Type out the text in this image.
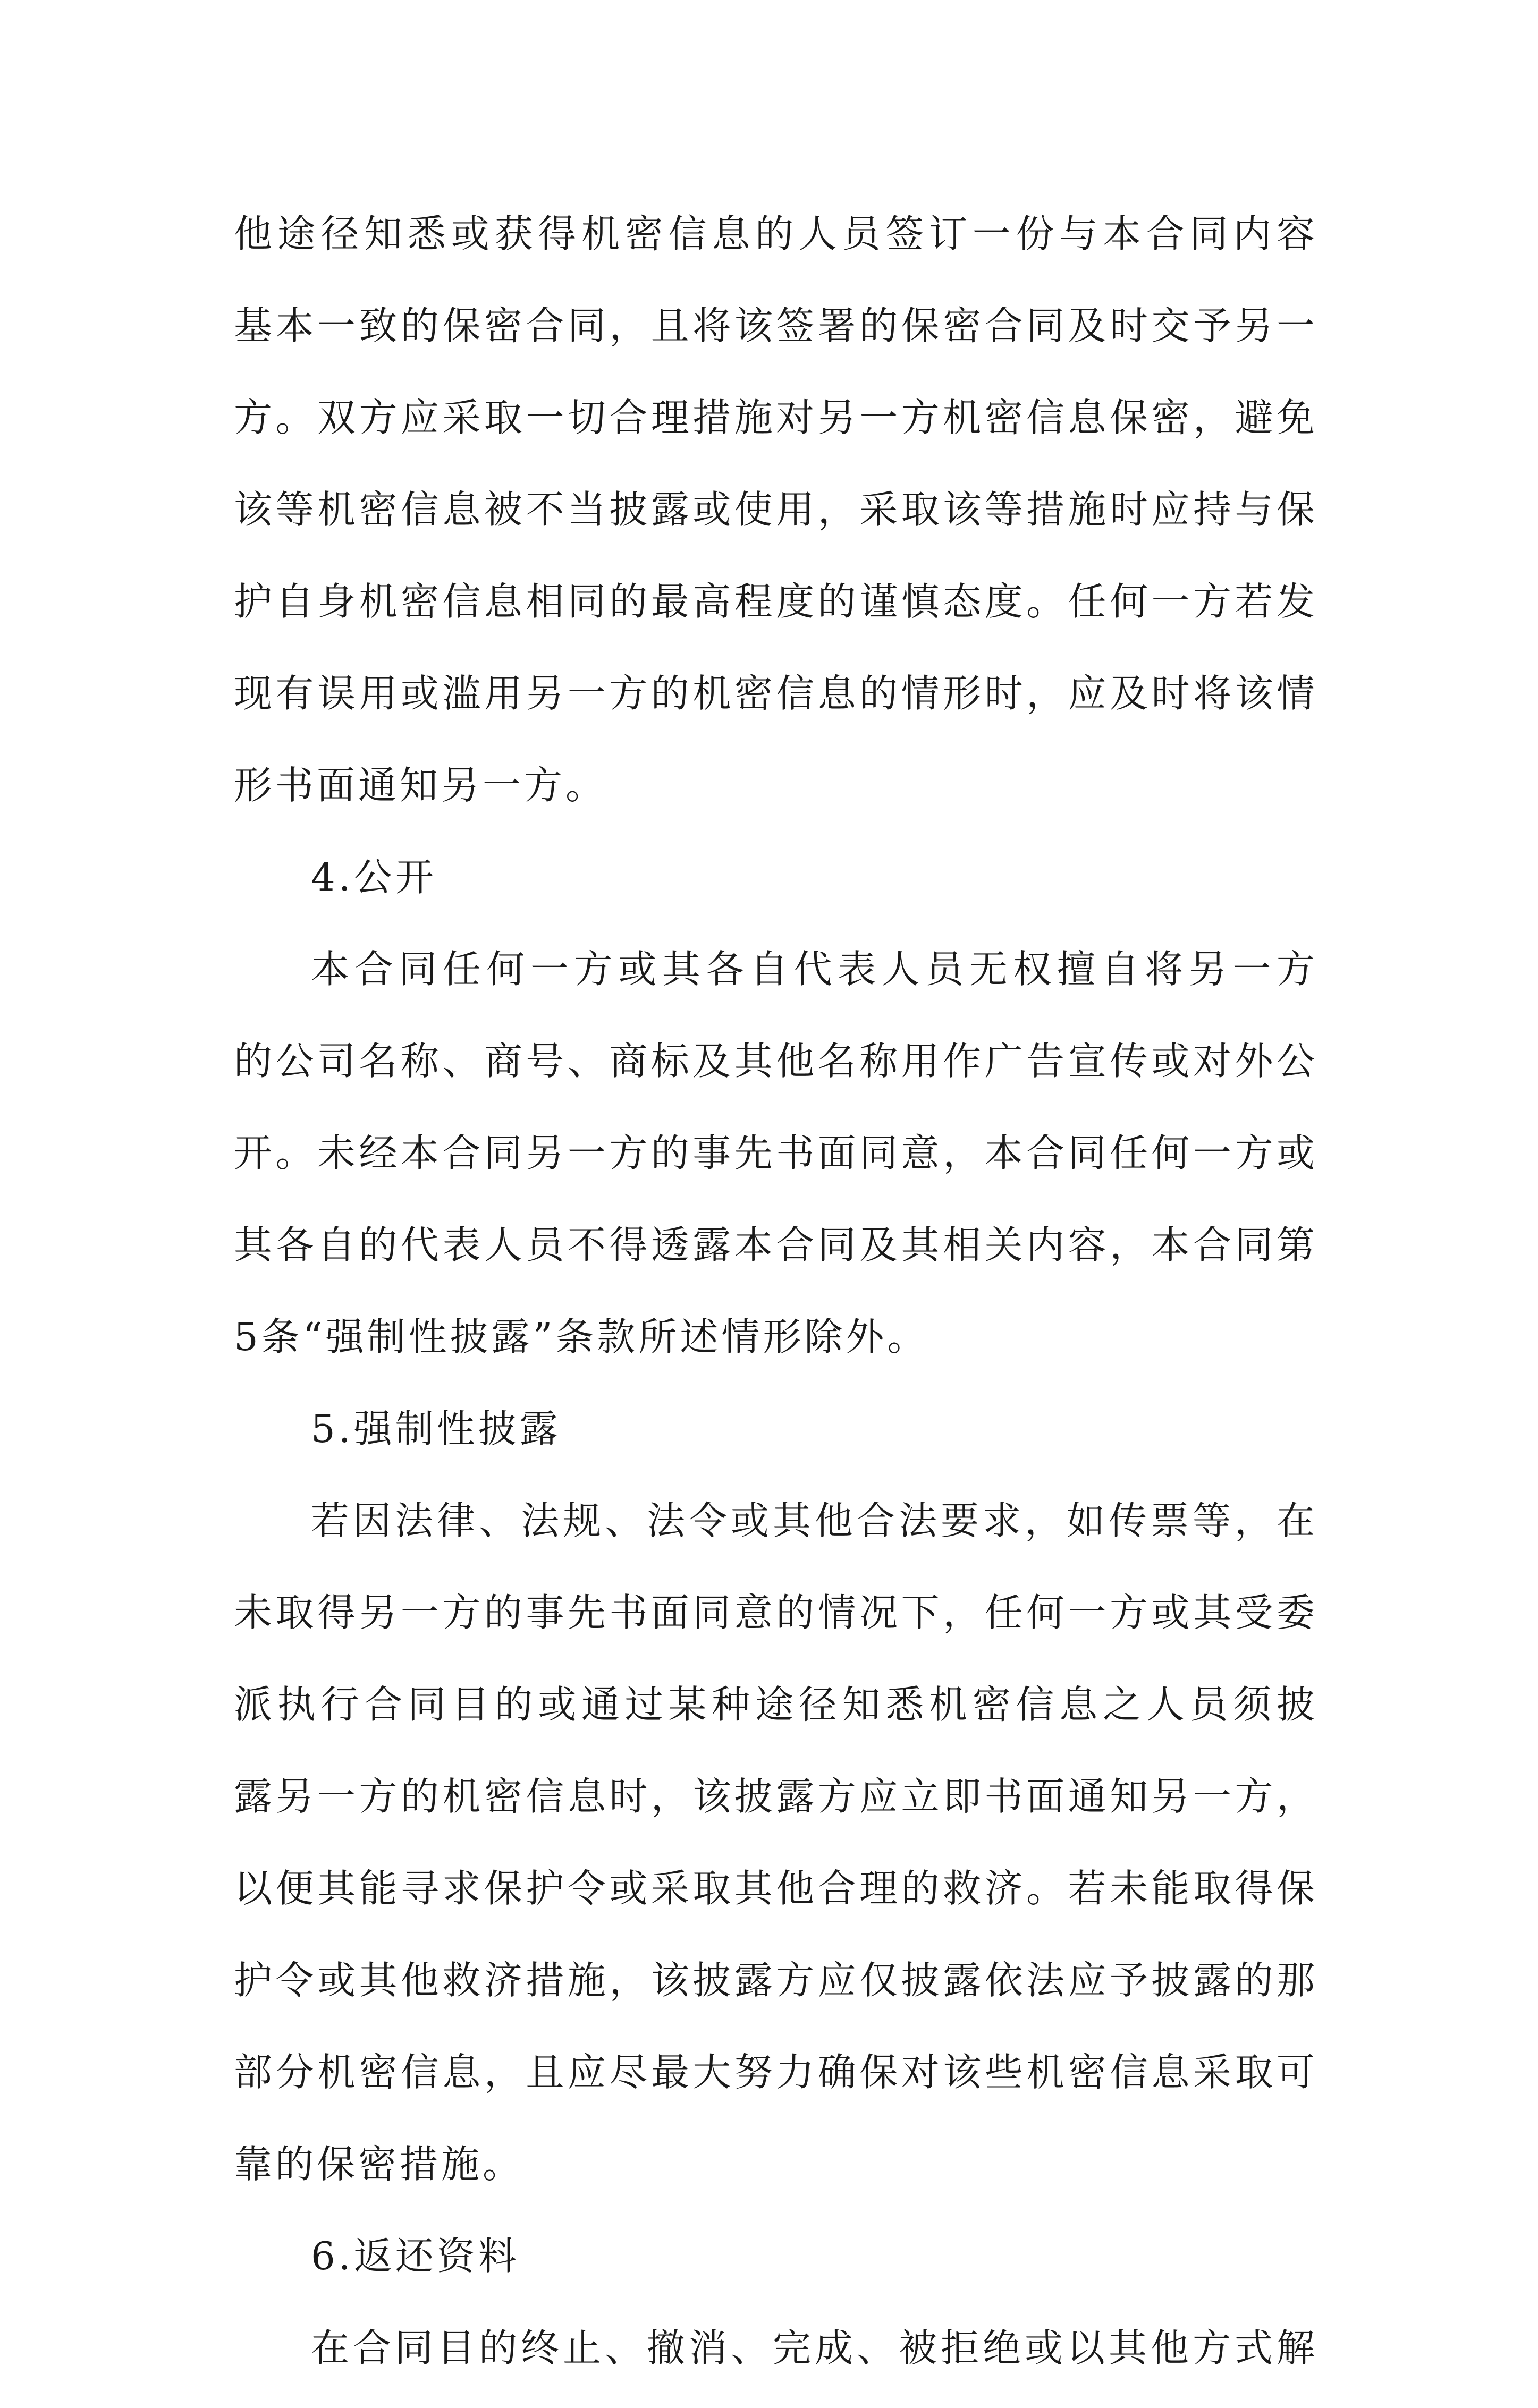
他途径知悉或获得机密信息的人员签订一份与本合同内容
基本一致的保密合同，且将该签署的保密合同及时交予另一
方。双方应采取一切合理措施对另一方机密信息保密，避免
该等机密信息被不当披露或使用，采取该等措施时应持与保
护自身机密信息相同的最高程度的谨慎态度。任何一方若发
现有误用或滥用另一方的机密信息的情形时，应及时将该情
形书面通知另一方。
4.公开
本合同任何一方或其各自代表人员无权擅自将另一方
的公司名称、商号、商标及其他名称用作广告宣传或对外公
开。未经本合同另一方的事先书面同意，本合同任何一方或
其各自的代表人员不得透露本合同及其相关内容，本合同第
5条“强制性披露”条款所述情形除外。
5.强制性披露
若因法律、法规、法令或其他合法要求，如传票等，在
未取得另一方的事先书面同意的情况下，任何一方或其受委
派执行合同目的或通过某种途径知悉机密信息之人员须披
露另一方的机密信息时，该披露方应立即书面通知另一方，
以便其能寻求保护令或采取其他合理的救济。若未能取得保
护令或其他救济措施，该披露方应仅披露依法应予披露的那
部分机密信息，且应尽最大努力确保对该些机密信息采取可
靠的保密措施。
6.返还资料
在合同目的终止、撤消、完成、被拒绝或以其他方式解
